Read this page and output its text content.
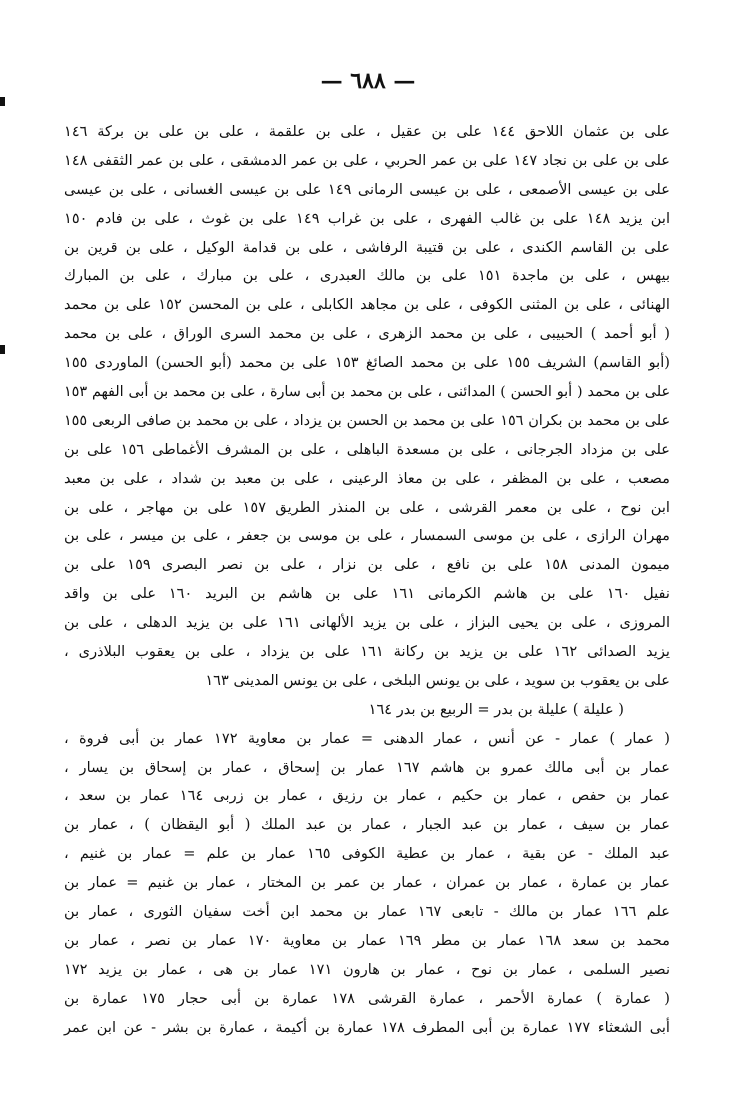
— ٦٨٨ —
على بن عثمان اللاحق ١٤٤ على بن عقيل ، على بن علقمة ، على بن على بن بركة ١٤٦
على بن على بن نجاد ١٤٧ على بن عمر الحربي ، على بن عمر الدمشقى ، على بن عمر الثقفى ١٤٨
على بن عيسى الأصمعى ، على بن عيسى الرمانى ١٤٩ على بن عيسى الغسانى ، على بن عيسى
ابن يزيد ١٤٨ على بن غالب الفهرى ، على بن غراب ١٤٩ على بن غوث ، على بن فادم ١٥٠
على بن القاسم الكندى ، على بن قتيبة الرفاشى ، على بن قدامة الوكيل ، على بن قرين بن
بيهس ، على بن ماجدة ١٥١ على بن مالك العبدرى ، على بن مبارك ، على بن المبارك
الهنائى ، على بن المثنى الكوفى ، على بن مجاهد الكابلى ، على بن المحسن ١٥٢ على بن محمد
( أبو أحمد ) الحبيبى ، على بن محمد الزهرى ، على بن محمد السرى الوراق ، على بن محمد
(أبو القاسم) الشريف ١٥٥ على بن محمد الصائغ ١٥٣ على بن محمد (أبو الحسن) الماوردى ١٥٥
على بن محمد ( أبو الحسن ) المدائنى ، على بن محمد بن أبى سارة ، على بن محمد بن أبى الفهم ١٥٣
على بن محمد بن بكران ١٥٦ على بن محمد بن الحسن بن يزداد ، على بن محمد بن صافى الربعى ١٥٥
على بن مزداد الجرجانى ، على بن مسعدة الباهلى ، على بن المشرف الأغماطى ١٥٦ على بن
مصعب ، على بن المظفر ، على بن معاذ الرعينى ، على بن معبد بن شداد ، على بن معبد
ابن نوح ، على بن معمر القرشى ، على بن المنذر الطريق ١٥٧ على بن مهاجر ، على بن
مهران الرازى ، على بن موسى السمسار ، على بن موسى بن جعفر ، على بن ميسر ، على بن
ميمون المدنى ١٥٨ على بن نافع ، على بن نزار ، على بن نصر البصرى ١٥٩ على بن
نفيل ١٦٠ على بن هاشم الكرمانى ١٦١ على بن هاشم بن البريد ١٦٠ على بن واقد
المروزى ، على بن يحيى البزاز ، على بن يزيد الألهانى ١٦١ على بن يزيد الدهلى ، على بن
يزيد الصدائى ١٦٢ على بن يزيد بن ركانة ١٦١ على بن يزداد ، على بن يعقوب البلاذرى ،
على بن يعقوب بن سويد ، على بن يونس البلخى ، على بن يونس المدينى ١٦٣
( عليلة ) عليلة بن بدر = الربيع بن بدر ١٦٤
( عمار ) عمار - عن أنس ، عمار الدهنى = عمار بن معاوية ١٧٢ عمار بن أبى فروة ،
عمار بن أبى مالك عمرو بن هاشم ١٦٧ عمار بن إسحاق ، عمار بن إسحاق بن يسار ،
عمار بن حفص ، عمار بن حكيم ، عمار بن رزيق ، عمار بن زربى ١٦٤ عمار بن سعد ،
عمار بن سيف ، عمار بن عبد الجبار ، عمار بن عبد الملك ( أبو اليقظان ) ، عمار بن
عبد الملك - عن بقية ، عمار بن عطية الكوفى ١٦٥ عمار بن علم = عمار بن غنيم ،
عمار بن عمارة ، عمار بن عمران ، عمار بن عمر بن المختار ، عمار بن غنيم = عمار بن
علم ١٦٦ عمار بن مالك - تابعى ١٦٧ عمار بن محمد ابن أخت سفيان الثورى ، عمار بن
محمد بن سعد ١٦٨ عمار بن مطر ١٦٩ عمار بن معاوية ١٧٠ عمار بن نصر ، عمار بن
نصير السلمى ، عمار بن نوح ، عمار بن هارون ١٧١ عمار بن هى ، عمار بن يزيد ١٧٢
( عمارة ) عمارة الأحمر ، عمارة القرشى ١٧٨ عمارة بن أبى حجار ١٧٥ عمارة بن
أبى الشعثاء ١٧٧ عمارة بن أبى المطرف ١٧٨ عمارة بن أكيمة ، عمارة بن بشر - عن ابن عمر
